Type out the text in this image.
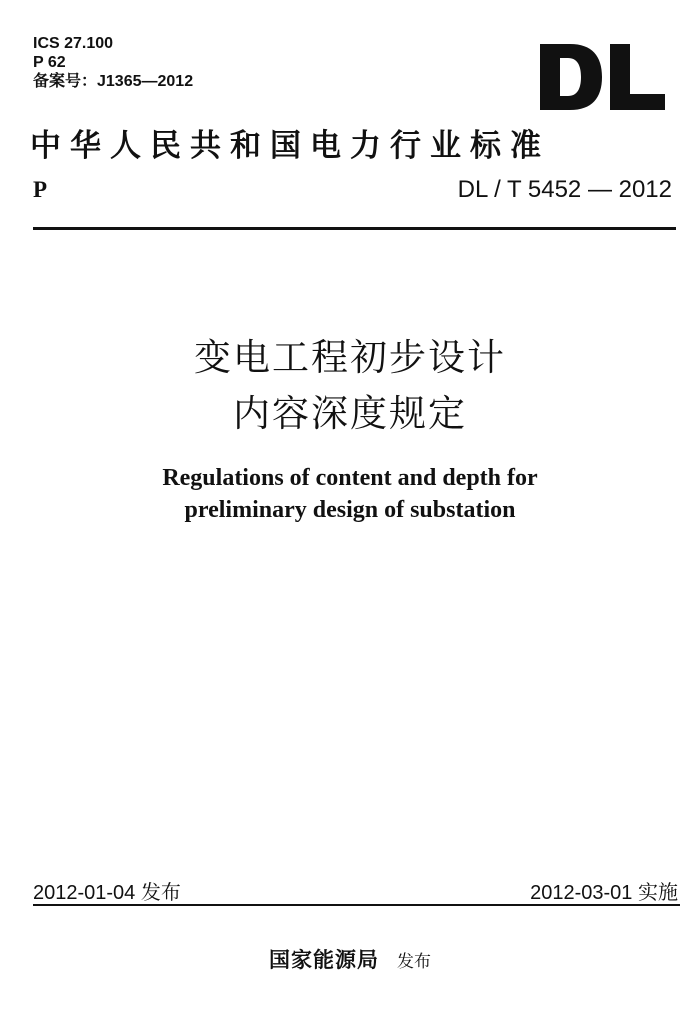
ICS 27.100
P 62
备案号：J1365—2012
中华人民共和国电力行业标准
P	DL / T 5452 — 2012
变电工程初步设计
内容深度规定
Regulations of content and depth for
preliminary design of substation
2012-01-04 发布	2012-03-01 实施
国家能源局 发布
